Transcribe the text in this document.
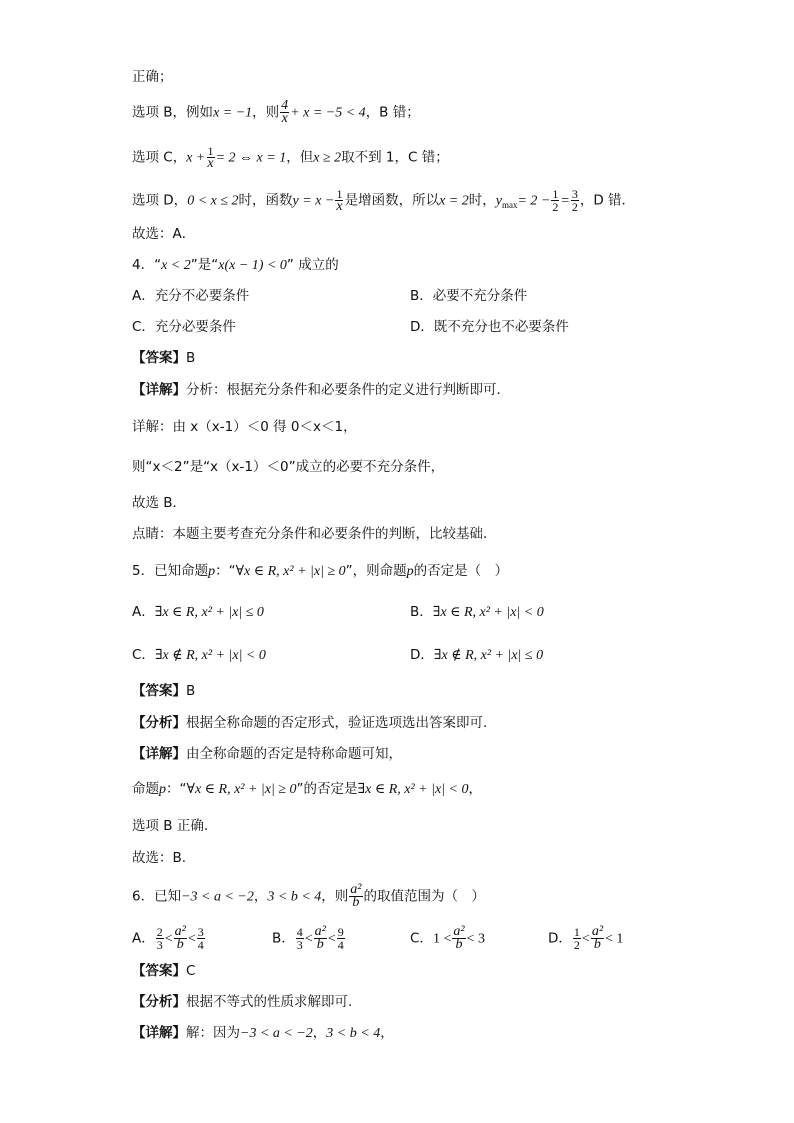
正确；
选项 B，例如x = −1，则 $\frac{4}{x} + x = -5 < 4$，B 错；
选项 C，$x + \frac{1}{x} = 2$ ⇔ x = 1，但x ≥ 2取不到 1，C 错；
选项 D，0 < x ≤ 2时，函数$y = x - \frac{1}{x}$ 是增函数，所以x = 2时，$y_{max}= 2 - \frac{1}{2} = \frac{3}{2}$ ，D 错．
故选：A．
4．“x < 2”是“x(x − 1) < 0” 成立的
A．充分不必要条件	B．必要不充分条件
C．充分必要条件	D．既不充分也不必要条件
【答案】B
【详解】分析：根据充分条件和必要条件的定义进行判断即可．
详解：由 x（x-1）＜0 得 0＜x＜1，
则“x＜2”是“x（x-1）＜0”成立的必要不充分条件，
故选 B．
点睛：本题主要考查充分条件和必要条件的判断，比较基础．
5．已知命题p：“∀x ∈ R, x² + |x| ≥ 0”，则命题p的否定是（　）
A．∃x ∈ R, x² + |x| ≤ 0	B．∃x ∈ R, x² + |x| < 0
C．∃x ∉ R, x² + |x| < 0	D．∃x ∉ R, x² + |x| ≤ 0
【答案】B
【分析】根据全称命题的否定形式，验证选项选出答案即可.
【详解】由全称命题的否定是特称命题可知，
命题p：“∀x ∈ R, x² + |x| ≥ 0”的否定是∃x ∈ R, x² + |x| < 0，
选项 B 正确.
故选：B.
6．已知−3 < a < −2，3 < b < 4，则 $\frac{\text{a²}}{b}$ 的取值范围为（　）
A． $\frac{2}{3} < \frac{\text{a²}}{b} < \frac{3}{4}$	B． $\frac{4}{3} < \frac{\text{a²}}{b} < \frac{9}{4}$	C．$1 < \frac{\text{a²}}{b} < 3$	D． $\frac{1}{2} < \frac{\text{a²}}{b} < 1$
【答案】C
【分析】根据不等式的性质求解即可.
【详解】解：因为−3 < a < −2，3 < b < 4，
